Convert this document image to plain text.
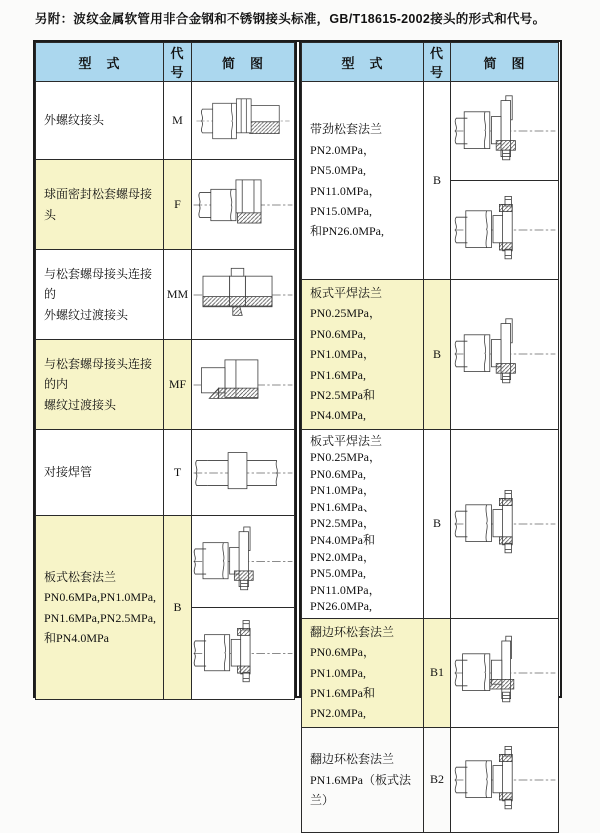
另附：波纹金属软管用非合金钢和不锈钢接头标准，GB/T18615-2002接头的形式和代号。
型　式	代号	简　图

外螺纹接头	M	

球面密封松套螺母接头	F	

与松套螺母接头连接的
外螺纹过渡接头	MM	

与松套螺母接头连接的内
螺纹过渡接头	MF	

对接焊管	T	

板式松套法兰
PN0.6MPa,PN1.0MPa,
PN1.6MPa,PN2.5MPa,
和PN4.0MPa	B	
型　式	代号	简　图

带劲松套法兰
PN2.0MPa，PN5.0MPa,
PN11.0MPa，PN15.0MPa,
和PN26.0MPa,	B	

板式平焊法兰
PN0.25MPa，PN0.6MPa,
PN1.0MPa，PN1.6MPa,
PN2.5MPa和PN4.0MPa,	B	

板式平焊法兰
PN0.25MPa，PN0.6MPa,
PN1.0MPa，PN1.6MPa、
PN2.5MPa，PN4.0MPa和
PN2.0MPa，PN5.0MPa,
PN11.0MPa，PN26.0MPa,
	B	

翻边环松套法兰
PN0.6MPa，PN1.0MPa,
PN1.6MPa和PN2.0MPa,	B1	

翻边环松套法兰
PN1.6MPa（板式法兰）	B2	
